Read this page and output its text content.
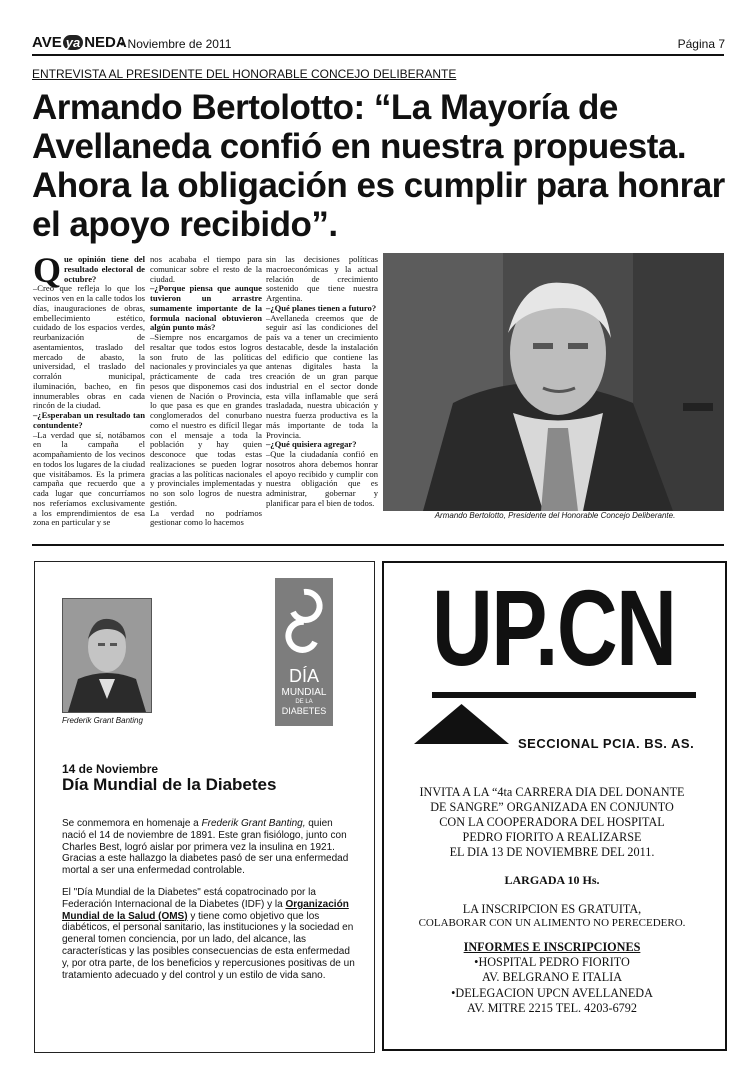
AVE ya NEDA
• Noviembre de 2011	Página 7
ENTREVISTA AL PRESIDENTE DEL HONORABLE CONCEJO DELIBERANTE
Armando Bertolotto: “La Mayoría de Avellaneda confió en nuestra propuesta. Ahora la obligación es cumplir para honrar el apoyo recibido”.

Que opinión tiene del resultado electoral de octubre?

–Creo que refleja lo que los vecinos ven en la calle todos los días, inauguraciones de obras, embellecimiento estético, cuidado de los espacios verdes, reurbanización de asentamientos, traslado del mercado de abasto, la universidad, el traslado del corralón municipal, iluminación, bacheo, en fin innumerables obras en cada rincón de la ciudad.

–¿Esperaban un resultado tan contundente?

–La verdad que sí, notábamos en la campaña el acompañamiento de los vecinos en todos los lugares de la ciudad que visitábamos. Es la primera campaña que recuerdo que a cada lugar que concurríamos nos referíamos exclusivamente a los emprendimientos de esa zona en particular y se

nos acababa el tiempo para comunicar sobre el resto de la ciudad.

–¿Porque piensa que aunque tuvieron un arrastre sumamente importante de la formula nacional obtuvieron algún punto más?

–Siempre nos encargamos de resaltar que todos estos logros son fruto de las políticas nacionales y provinciales ya que prácticamente de cada tres pesos que disponemos casi dos vienen de Nación o Provincia, lo que pasa es que en grandes conglomerados del conurbano como el nuestro es difícil llegar con el mensaje a toda la población y hay quien desconoce que todas estas realizaciones se pueden lograr gracias a las políticas nacionales y provinciales implementadas y no son solo logros de nuestra gestión.

La verdad no podríamos gestionar como lo hacemos

sin las decisiones políticas macroeconómicas y la actual relación de crecimiento sostenido que tiene nuestra Argentina.

–¿Qué planes tienen a futuro?

–Avellaneda creemos que de seguir así las condiciones del país va a tener un crecimiento destacable, desde la instalación del edificio que contiene las antenas digitales hasta la creación de un gran parque industrial en el sector donde esta villa inflamable que será trasladada, nuestra ubicación y nuestra fuerza productiva es la más importante de toda la Provincia.

–¿Qué quisiera agregar?

–Que la ciudadanía confió en nosotros ahora debemos honrar el apoyo recibido y cumplir con nuestra obligación que es administrar, gobernar y planificar para el bien de todos.

Armando Bertolotto, Presidente del Honorable Concejo Deliberante.
Frederik Grant Banting
DÍA
MUNDIAL
DE LA
DIABETES
14 de Noviembre
Día Mundial de la Diabetes

Se conmemora en homenaje a Frederik Grant Banting, quien nació el 14 de noviembre de 1891. Este gran fisiólogo, junto con Charles Best, logró aislar por primera vez la insulina en 1921. Gracias a este hallazgo la diabetes pasó de ser una enfermedad mortal a ser una enfermedad controlable.

El "Día Mundial de la Diabetes" está copatrocinado por la Federación Internacional de la Diabetes (IDF) y la Organización Mundial de la Salud (OMS) y tiene como objetivo que los diabéticos, el personal sanitario, las instituciones y la sociedad en general tomen conciencia, por un lado, del alcance, las características y las posibles consecuencias de esta enfermedad y, por otra parte, de los beneficios y repercusiones positivas de un tratamiento adecuado y del control y un estilo de vida sano.

UP.CN
SECCIONAL PCIA. BS. AS.

INVITA A LA “4ta CARRERA DIA DEL DONANTE

DE SANGRE” ORGANIZADA EN CONJUNTO

CON LA COOPERADORA DEL HOSPITAL

PEDRO FIORITO A REALIZARSE

EL DIA 13 DE NOVIEMBRE DEL 2011.

LARGADA 10 Hs.
LA INSCRIPCION ES GRATUITA,
COLABORAR CON UN ALIMENTO NO PERECEDERO.
INFORMES E INSCRIPCIONES
•HOSPITAL PEDRO FIORITO
AV. BELGRANO E ITALIA
•DELEGACION UPCN AVELLANEDA
AV. MITRE 2215 TEL. 4203-6792
